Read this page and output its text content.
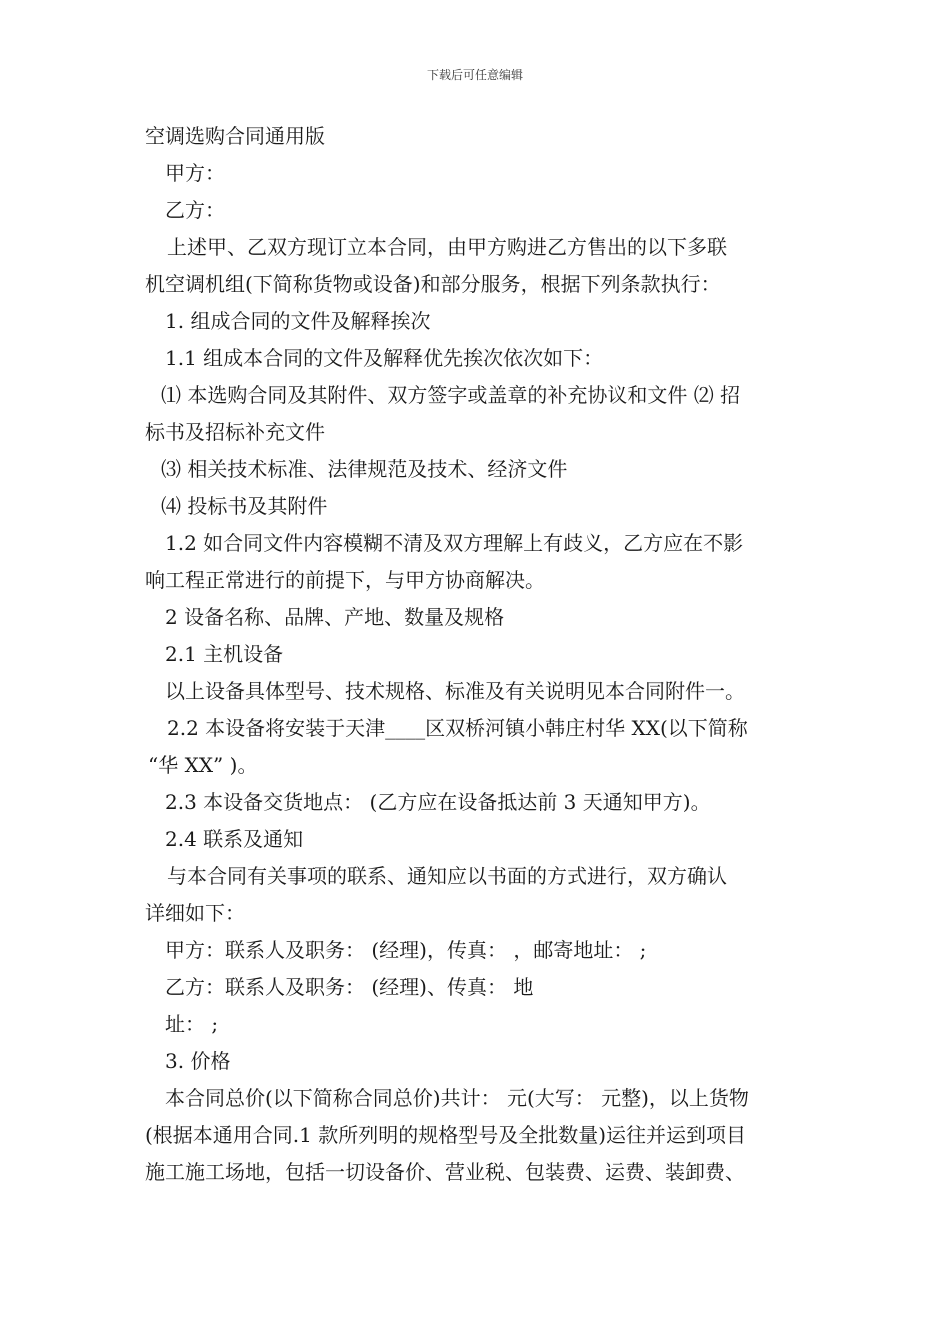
下载后可任意编辑
空调选购合同通用版
甲方：
乙方：
上述甲、乙双方现订立本合同，由甲方购进乙方售出的以下多联
机空调机组(下简称货物或设备)和部分服务，根据下列条款执行：
1. 组成合同的文件及解释挨次
1.1 组成本合同的文件及解释优先挨次依次如下：
⑴ 本选购合同及其附件、双方签字或盖章的补充协议和文件 ⑵ 招
标书及招标补充文件
⑶ 相关技术标准、法律规范及技术、经济文件
⑷ 投标书及其附件
1.2 如合同文件内容模糊不清及双方理解上有歧义，乙方应在不影
响工程正常进行的前提下，与甲方协商解决。
2 设备名称、品牌、产地、数量及规格
2.1 主机设备
以上设备具体型号、技术规格、标准及有关说明见本合同附件一。
2.2 本设备将安装于天津____区双桥河镇小韩庄村华 XX(以下简称
“华 XX” )。
2.3 本设备交货地点： (乙方应在设备抵达前 3 天通知甲方)。
2.4 联系及通知
与本合同有关事项的联系、通知应以书面的方式进行，双方确认
详细如下：
甲方：联系人及职务： (经理)，传真： ，邮寄地址： ;
乙方：联系人及职务： (经理)、传真： 地
址： ;
3. 价格
本合同总价(以下简称合同总价)共计： 元(大写： 元整)，以上货物
(根据本通用合同.1 款所列明的规格型号及全批数量)运往并运到项目
施工施工场地，包括一切设备价、营业税、包装费、运费、装卸费、
